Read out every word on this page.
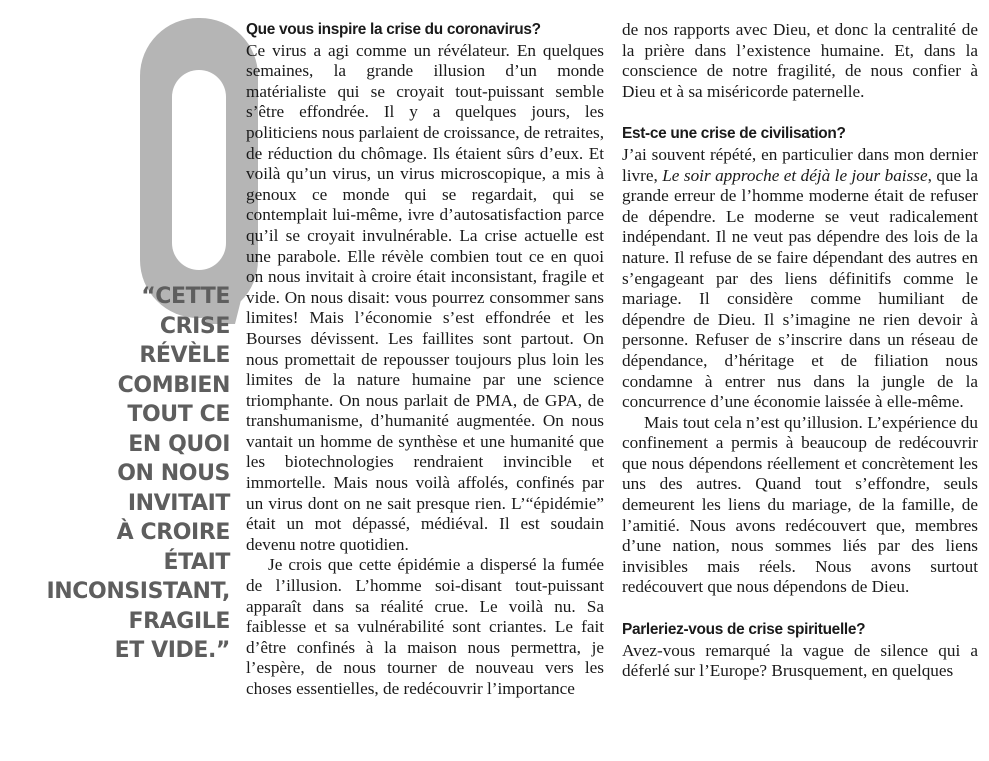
“CETTE
CRISE
RÉVÈLE
COMBIEN
TOUT CE
EN QUOI
ON NOUS
INVITAIT
À CROIRE
ÉTAIT
INCONSISTANT,
FRAGILE
ET VIDE.”

Que vous inspire la crise du coronavirus?

Ce virus a agi comme un révélateur. En quelques semaines, la grande illusion d’un monde matérialiste qui se croyait tout-puissant semble s’être effondrée. Il y a quelques jours, les politiciens nous parlaient de croissance, de retraites, de réduction du chômage. Ils étaient sûrs d’eux. Et voilà qu’un virus, un virus microscopique, a mis à genoux ce monde qui se regardait, qui se contemplait lui-même, ivre d’autosatisfaction parce qu’il se croyait invulnérable. La crise actuelle est une parabole. Elle révèle combien tout ce en quoi on nous invitait à croire était inconsistant, fragile et vide. On nous disait: vous pourrez consommer sans limites! Mais l’économie s’est effondrée et les Bourses dévissent. Les faillites sont partout. On nous promettait de repousser toujours plus loin les limites de la nature humaine par une science triomphante. On nous parlait de PMA, de GPA, de transhumanisme, d’humanité augmentée. On nous vantait un homme de synthèse et une humanité que les biotechnologies rendraient invincible et immortelle. Mais nous voilà affolés, confinés par un virus dont on ne sait presque rien. L’“épidémie” était un mot dépassé, médiéval. Il est soudain devenu notre quotidien.

Je crois que cette épidémie a dispersé la fumée de l’illusion. L’homme soi-disant tout-puissant apparaît dans sa réalité crue. Le voilà nu. Sa faiblesse et sa vulnérabilité sont criantes. Le fait d’être confinés à la maison nous permettra, je l’espère, de nous tourner de nouveau vers les choses essentielles, de redécouvrir l’importance

de nos rapports avec Dieu, et donc la centralité de la prière dans l’existence humaine. Et, dans la conscience de notre fragilité, de nous confier à Dieu et à sa miséricorde paternelle.

Est-ce une crise de civilisation?

J’ai souvent répété, en particulier dans mon dernier livre, Le soir approche et déjà le jour baisse, que la grande erreur de l’homme moderne était de refuser de dépendre. Le moderne se veut radicalement indépendant. Il ne veut pas dépendre des lois de la nature. Il refuse de se faire dépendant des autres en s’engageant par des liens définitifs comme le mariage. Il considère comme humiliant de dépendre de Dieu. Il s’imagine ne rien devoir à personne. Refuser de s’inscrire dans un réseau de dépendance, d’héritage et de filiation nous condamne à entrer nus dans la jungle de la concurrence d’une économie laissée à elle-même.

Mais tout cela n’est qu’illusion. L’expérience du confinement a permis à beaucoup de redécouvrir que nous dépendons réellement et concrètement les uns des autres. Quand tout s’effondre, seuls demeurent les liens du mariage, de la famille, de l’amitié. Nous avons redécouvert que, membres d’une nation, nous sommes liés par des liens invisibles mais réels. Nous avons surtout redécouvert que nous dépendons de Dieu.

Parleriez-vous de crise spirituelle?

Avez-vous remarqué la vague de silence qui a déferlé sur l’Europe? Brusquement, en quelques
